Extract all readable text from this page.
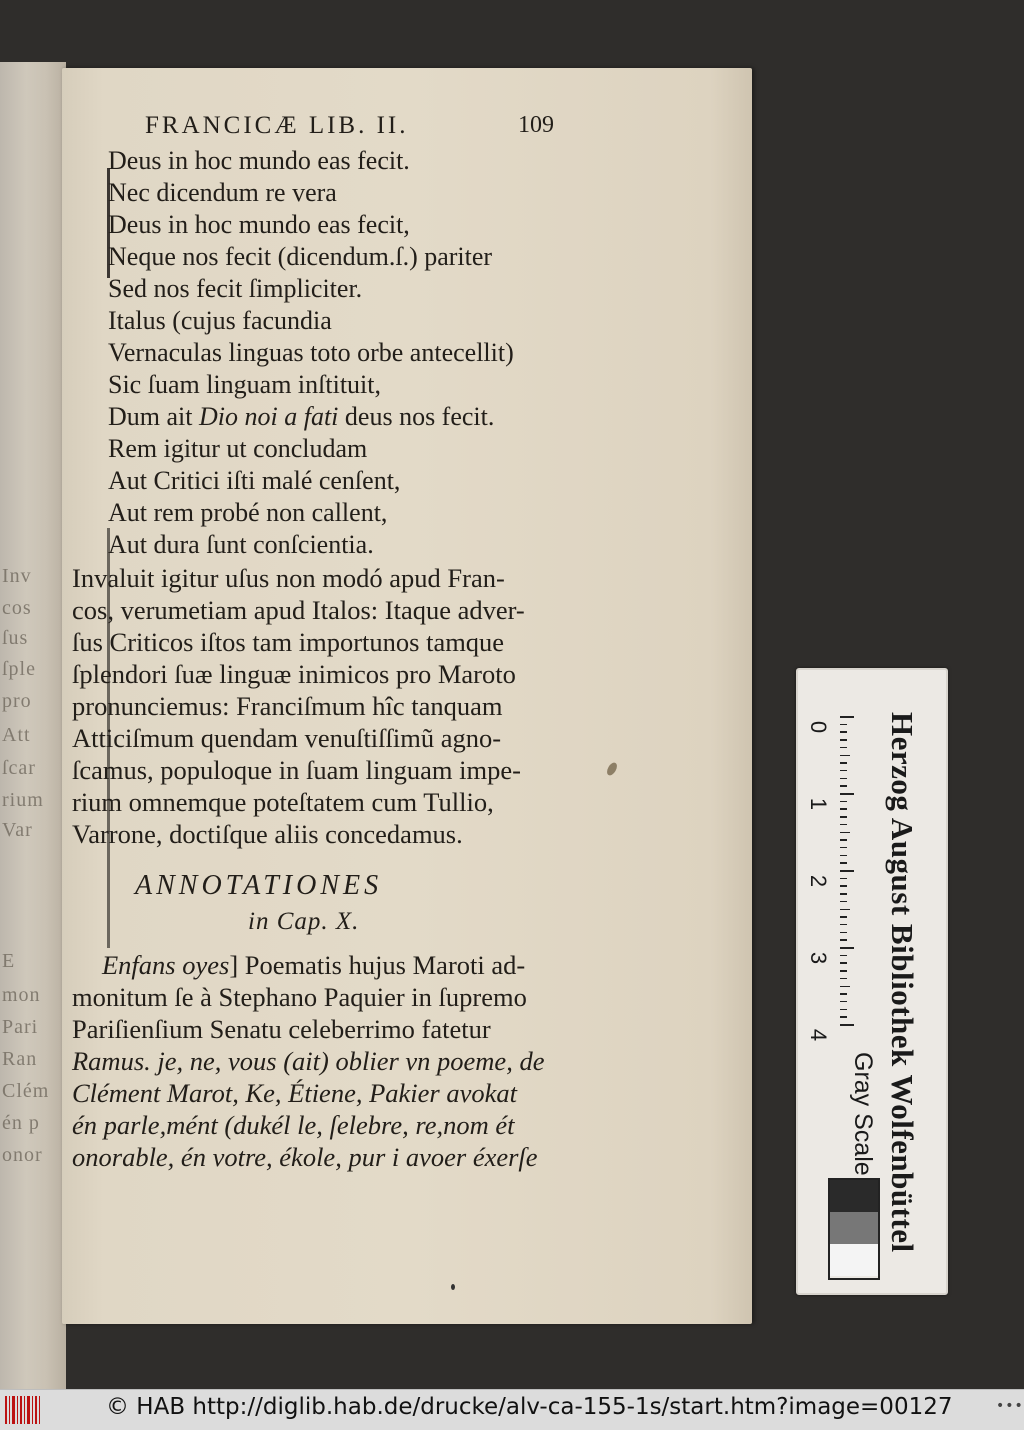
Inv
cos
ſus
ſple
pro
Att
ſcar
rium
Var
E
mon
Pari
Ran
Clém
én p
onor
FRANCICÆ LIB. II.	109
Deus in hoc mundo eas fecit.
Nec dicendum re vera
Deus in hoc mundo eas fecit,
Neque nos fecit (dicendum.ſ.) pariter
Sed nos fecit ſimpliciter.
Italus (cujus facundia
Vernaculas linguas toto orbe antecellit)
Sic ſuam linguam inſtituit,
Dum ait Dio noi a fati deus nos fecit.
Rem igitur ut concludam
Aut Critici iſti malé cenſent,
Aut rem probé non callent,
Aut dura ſunt conſcientia.
Invaluit igitur uſus non modó apud Fran-
cos, verumetiam apud Italos: Itaque adver-
ſus Criticos iſtos tam importunos tamque
ſplendori ſuæ linguæ inimicos pro Maroto
pronunciemus: Franciſmum hîc tanquam
Atticiſmum quendam venuſtiſſimũ agno-
ſcamus, populoque in ſuam linguam impe-
rium omnemque poteſtatem cum Tullio,
Varrone, doctiſque aliis concedamus.
ANNOTATIONES
in Cap. X.
Enfans oyes] Poematis hujus Maroti ad-
monitum ſe à Stephano Paquier in ſupremo
Pariſienſium Senatu celeberrimo fatetur
Ramus. je, ne, vous (ait) oblier vn poeme, de
Clément Marot, Ke, Étiene, Pakier avokat
én parle,mént (dukél le, ſelebre, re,nom ét
onorable, én votre, ékole, pur i avoer éxerſe	Herzog August Bibliothek Wolfenbüttel
0
1
2
3
4
Gray Scale
© HAB http://diglib.hab.de/drucke/alv-ca-155-1s/start.htm?image=00127	•••
